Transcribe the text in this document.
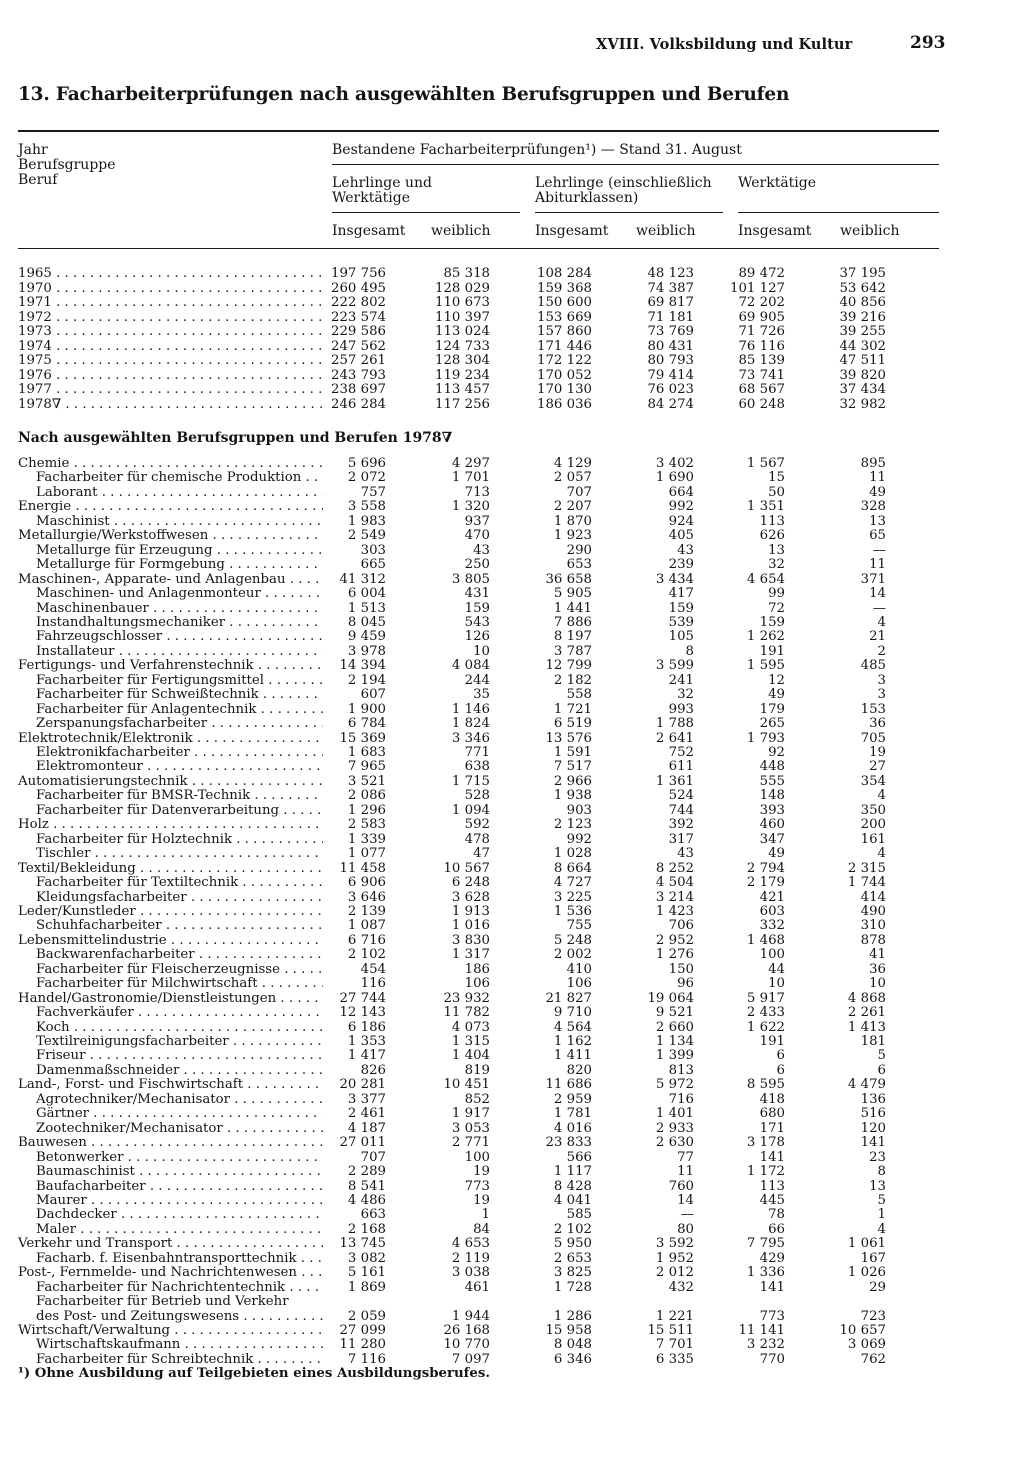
XVIII. Volksbildung und Kultur	293
13. Facharbeiterprüfungen nach ausgewählten Berufsgruppen und Berufen
Jahr
Berufsgruppe
Beruf
Bestandene Facharbeiterprüfungen¹) — Stand 31. August
Lehrlinge und
Werktätige
Lehrlinge (einschließlich
Abiturklassen)
Werktätige
Insgesamt weiblich	Insgesamt weiblich	Insgesamt weiblich
1965 . . .	197 756	85 318	108 284	48 123	89 472	37 195
1970 . . .	260 495	128 029	159 368	74 387	101 127	53 642
1971 . . .	222 802	110 673	150 600	69 817	72 202	40 856
1972 . . .	223 574	110 397	153 669	71 181	69 905	39 216
1973 . . .	229 586	113 024	157 860	73 769	71 726	39 255
1974 . . .	247 562	124 733	171 446	80 431	76 116	44 302
1975 . . .	257 261	128 304	172 122	80 793	85 139	47 511
1976 . . .	243 793	119 234	170 052	79 414	73 741	39 820
1977 . . .	238 697	113 457	170 130	76 023	68 567	37 434
1978∇ . . .	246 284	117 256	186 036	84 274	60 248	32 982
Nach ausgewählten Berufsgruppen und Berufen 1978∇
Chemie . . .	5 696	4 297	4 129	3 402	1 567	895
Facharbeiter für chemische Produktion . . .	2 072	1 701	2 057	1 690	15	11
Laborant . . .	757	713	707	664	50	49
Energie . . .	3 558	1 320	2 207	992	1 351	328
Maschinist . . .	1 983	937	1 870	924	113	13
Metallurgie/Werkstoffwesen . . .	2 549	470	1 923	405	626	65
Metallurge für Erzeugung . . .	303	43	290	43	13	—
Metallurge für Formgebung . . .	665	250	653	239	32	11
Maschinen-, Apparate- und Anlagenbau . . .	41 312	3 805	36 658	3 434	4 654	371
Maschinen- und Anlagenmonteur . . .	6 004	431	5 905	417	99	14
Maschinenbauer . . .	1 513	159	1 441	159	72	—
Instandhaltungsmechaniker . . .	8 045	543	7 886	539	159	4
Fahrzeugschlosser . . .	9 459	126	8 197	105	1 262	21
Installateur . . .	3 978	10	3 787	8	191	2
Fertigungs- und Verfahrenstechnik . . .	14 394	4 084	12 799	3 599	1 595	485
Facharbeiter für Fertigungsmittel . . .	2 194	244	2 182	241	12	3
Facharbeiter für Schweißtechnik . . .	607	35	558	32	49	3
Facharbeiter für Anlagentechnik . . .	1 900	1 146	1 721	993	179	153
Zerspanungsfacharbeiter . . .	6 784	1 824	6 519	1 788	265	36
Elektrotechnik/Elektronik . . .	15 369	3 346	13 576	2 641	1 793	705
Elektronikfacharbeiter . . .	1 683	771	1 591	752	92	19
Elektromonteur . . .	7 965	638	7 517	611	448	27
Automatisierungstechnik . . .	3 521	1 715	2 966	1 361	555	354
Facharbeiter für BMSR-Technik . . .	2 086	528	1 938	524	148	4
Facharbeiter für Datenverarbeitung . . .	1 296	1 094	903	744	393	350
Holz . . .	2 583	592	2 123	392	460	200
Facharbeiter für Holztechnik . . .	1 339	478	992	317	347	161
Tischler . . .	1 077	47	1 028	43	49	4
Textil/Bekleidung . . .	11 458	10 567	8 664	8 252	2 794	2 315
Facharbeiter für Textiltechnik . . .	6 906	6 248	4 727	4 504	2 179	1 744
Kleidungsfacharbeiter . . .	3 646	3 628	3 225	3 214	421	414
Leder/Kunstleder . . .	2 139	1 913	1 536	1 423	603	490
Schuhfacharbeiter . . .	1 087	1 016	755	706	332	310
Lebensmittelindustrie . . .	6 716	3 830	5 248	2 952	1 468	878
Backwarenfacharbeiter . . .	2 102	1 317	2 002	1 276	100	41
Facharbeiter für Fleischerzeugnisse . . .	454	186	410	150	44	36
Facharbeiter für Milchwirtschaft . . .	116	106	106	96	10	10
Handel/Gastronomie/Dienstleistungen . . .	27 744	23 932	21 827	19 064	5 917	4 868
Fachverkäufer . . .	12 143	11 782	9 710	9 521	2 433	2 261
Koch . . .	6 186	4 073	4 564	2 660	1 622	1 413
Textilreinigungsfacharbeiter . . .	1 353	1 315	1 162	1 134	191	181
Friseur . . .	1 417	1 404	1 411	1 399	6	5
Damenmaßschneider . . .	826	819	820	813	6	6
Land-, Forst- und Fischwirtschaft . . .	20 281	10 451	11 686	5 972	8 595	4 479
Agrotechniker/Mechanisator . . .	3 377	852	2 959	716	418	136
Gärtner . . .	2 461	1 917	1 781	1 401	680	516
Zootechniker/Mechanisator . . .	4 187	3 053	4 016	2 933	171	120
Bauwesen . . .	27 011	2 771	23 833	2 630	3 178	141
Betonwerker . . .	707	100	566	77	141	23
Baumaschinist . . .	2 289	19	1 117	11	1 172	8
Baufacharbeiter . . .	8 541	773	8 428	760	113	13
Maurer . . .	4 486	19	4 041	14	445	5
Dachdecker . . .	663	1	585	—	78	1
Maler . . .	2 168	84	2 102	80	66	4
Verkehr und Transport . . .	13 745	4 653	5 950	3 592	7 795	1 061
Facharb. f. Eisenbahntransporttechnik . . .	3 082	2 119	2 653	1 952	429	167
Post-, Fernmelde- und Nachrichtenwesen . . .	5 161	3 038	3 825	2 012	1 336	1 026
Facharbeiter für Nachrichtentechnik . . .	1 869	461	1 728	432	141	29
Facharbeiter für Betrieb und Verkehr
des Post- und Zeitungswesens . . .	2 059	1 944	1 286	1 221	773	723
Wirtschaft/Verwaltung . . .	27 099	26 168	15 958	15 511	11 141	10 657
Wirtschaftskaufmann . . .	11 280	10 770	8 048	7 701	3 232	3 069
Facharbeiter für Schreibtechnik . . .	7 116	7 097	6 346	6 335	770	762
¹) Ohne Ausbildung auf Teilgebieten eines Ausbildungsberufes.
